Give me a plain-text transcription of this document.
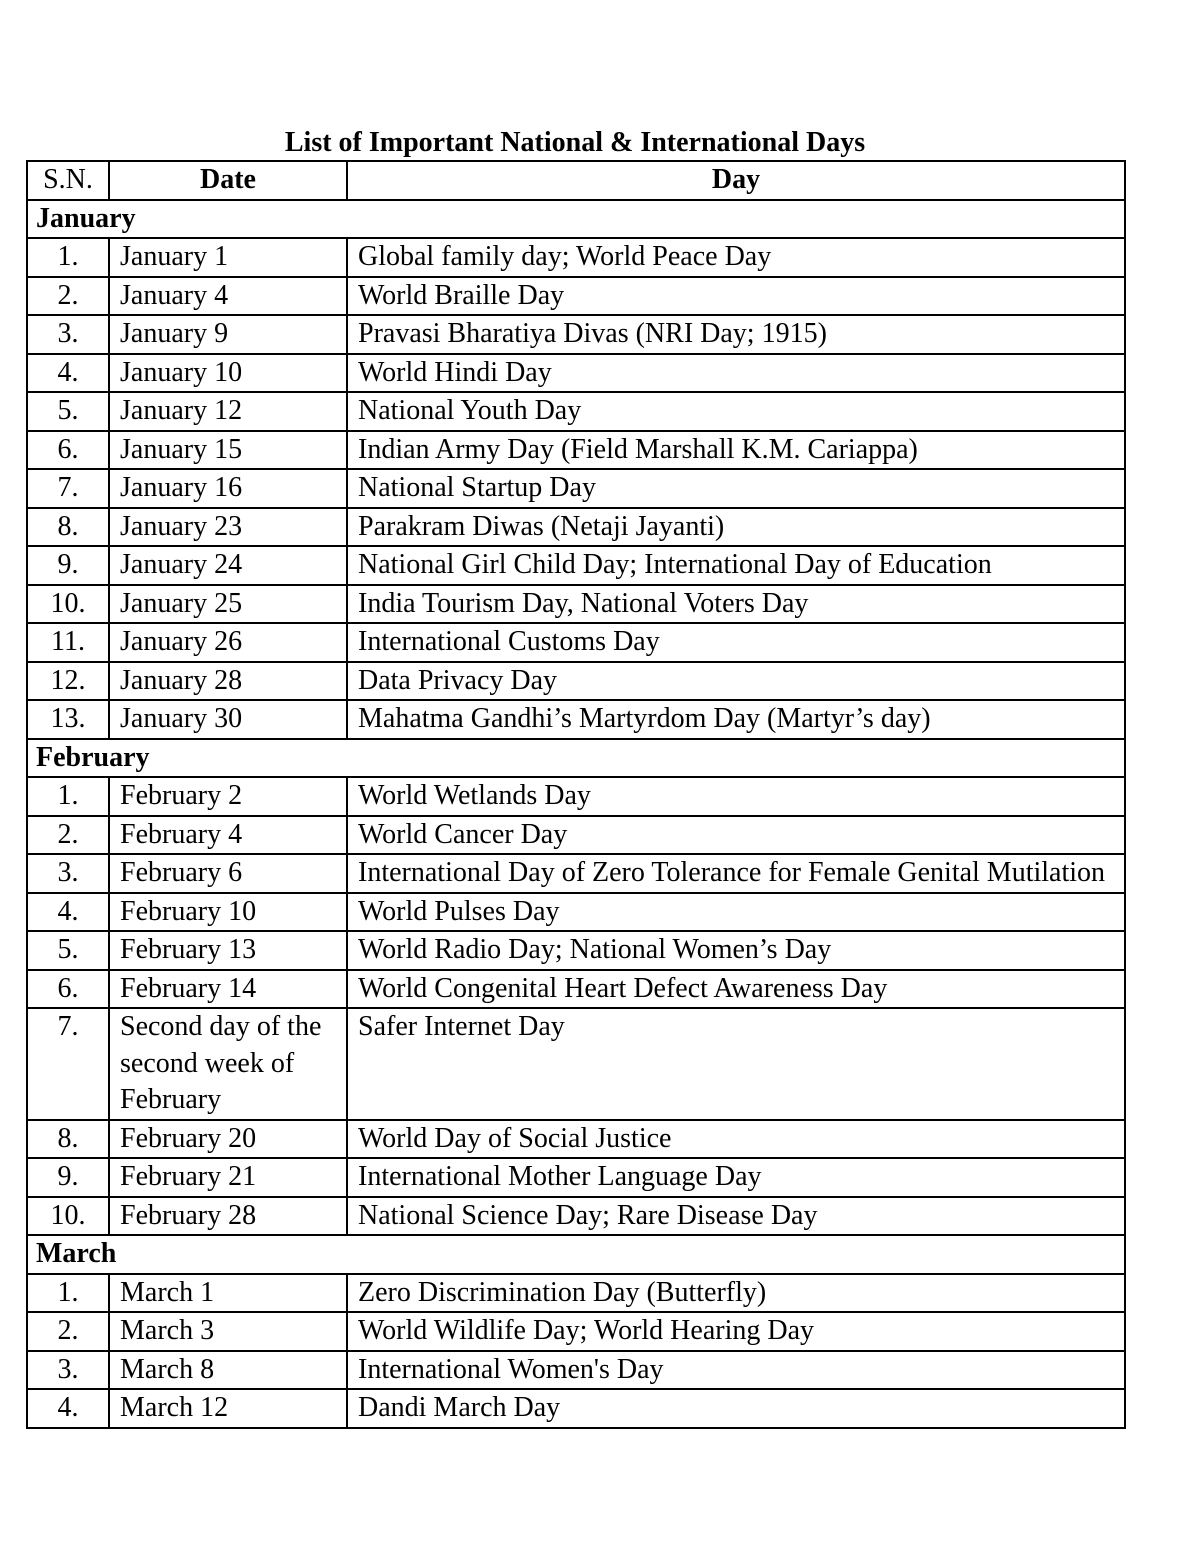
List of Important National & International Days
S.N.	Date	Day
January		
1.	January 1	Global family day; World Peace Day
2.	January 4	World Braille Day
3.	January 9	Pravasi Bharatiya Divas (NRI Day; 1915)
4.	January 10	World Hindi Day
5.	January 12	National Youth Day
6.	January 15	Indian Army Day (Field Marshall K.M. Cariappa)
7.	January 16	National Startup Day
8.	January 23	Parakram Diwas (Netaji Jayanti)
9.	January 24	National Girl Child Day; International Day of Education
10.	January 25	India Tourism Day, National Voters Day
11.	January 26	International Customs Day
12.	January 28	Data Privacy Day
13.	January 30	Mahatma Gandhi’s Martyrdom Day (Martyr’s day)
February		
1.	February 2	World Wetlands Day
2.	February 4	World Cancer Day
3.	February 6	International Day of Zero Tolerance for Female Genital Mutilation
4.	February 10	World Pulses Day
5.	February 13	World Radio Day; National Women’s Day
6.	February 14	World Congenital Heart Defect Awareness Day
7.	Second day of the second week of February	Safer Internet Day
8.	February 20	World Day of Social Justice
9.	February 21	International Mother Language Day
10.	February 28	National Science Day; Rare Disease Day
March		
1.	March 1	Zero Discrimination Day (Butterfly)
2.	March 3	World Wildlife Day; World Hearing Day
3.	March 8	International Women's Day
4.	March 12	Dandi March Day
